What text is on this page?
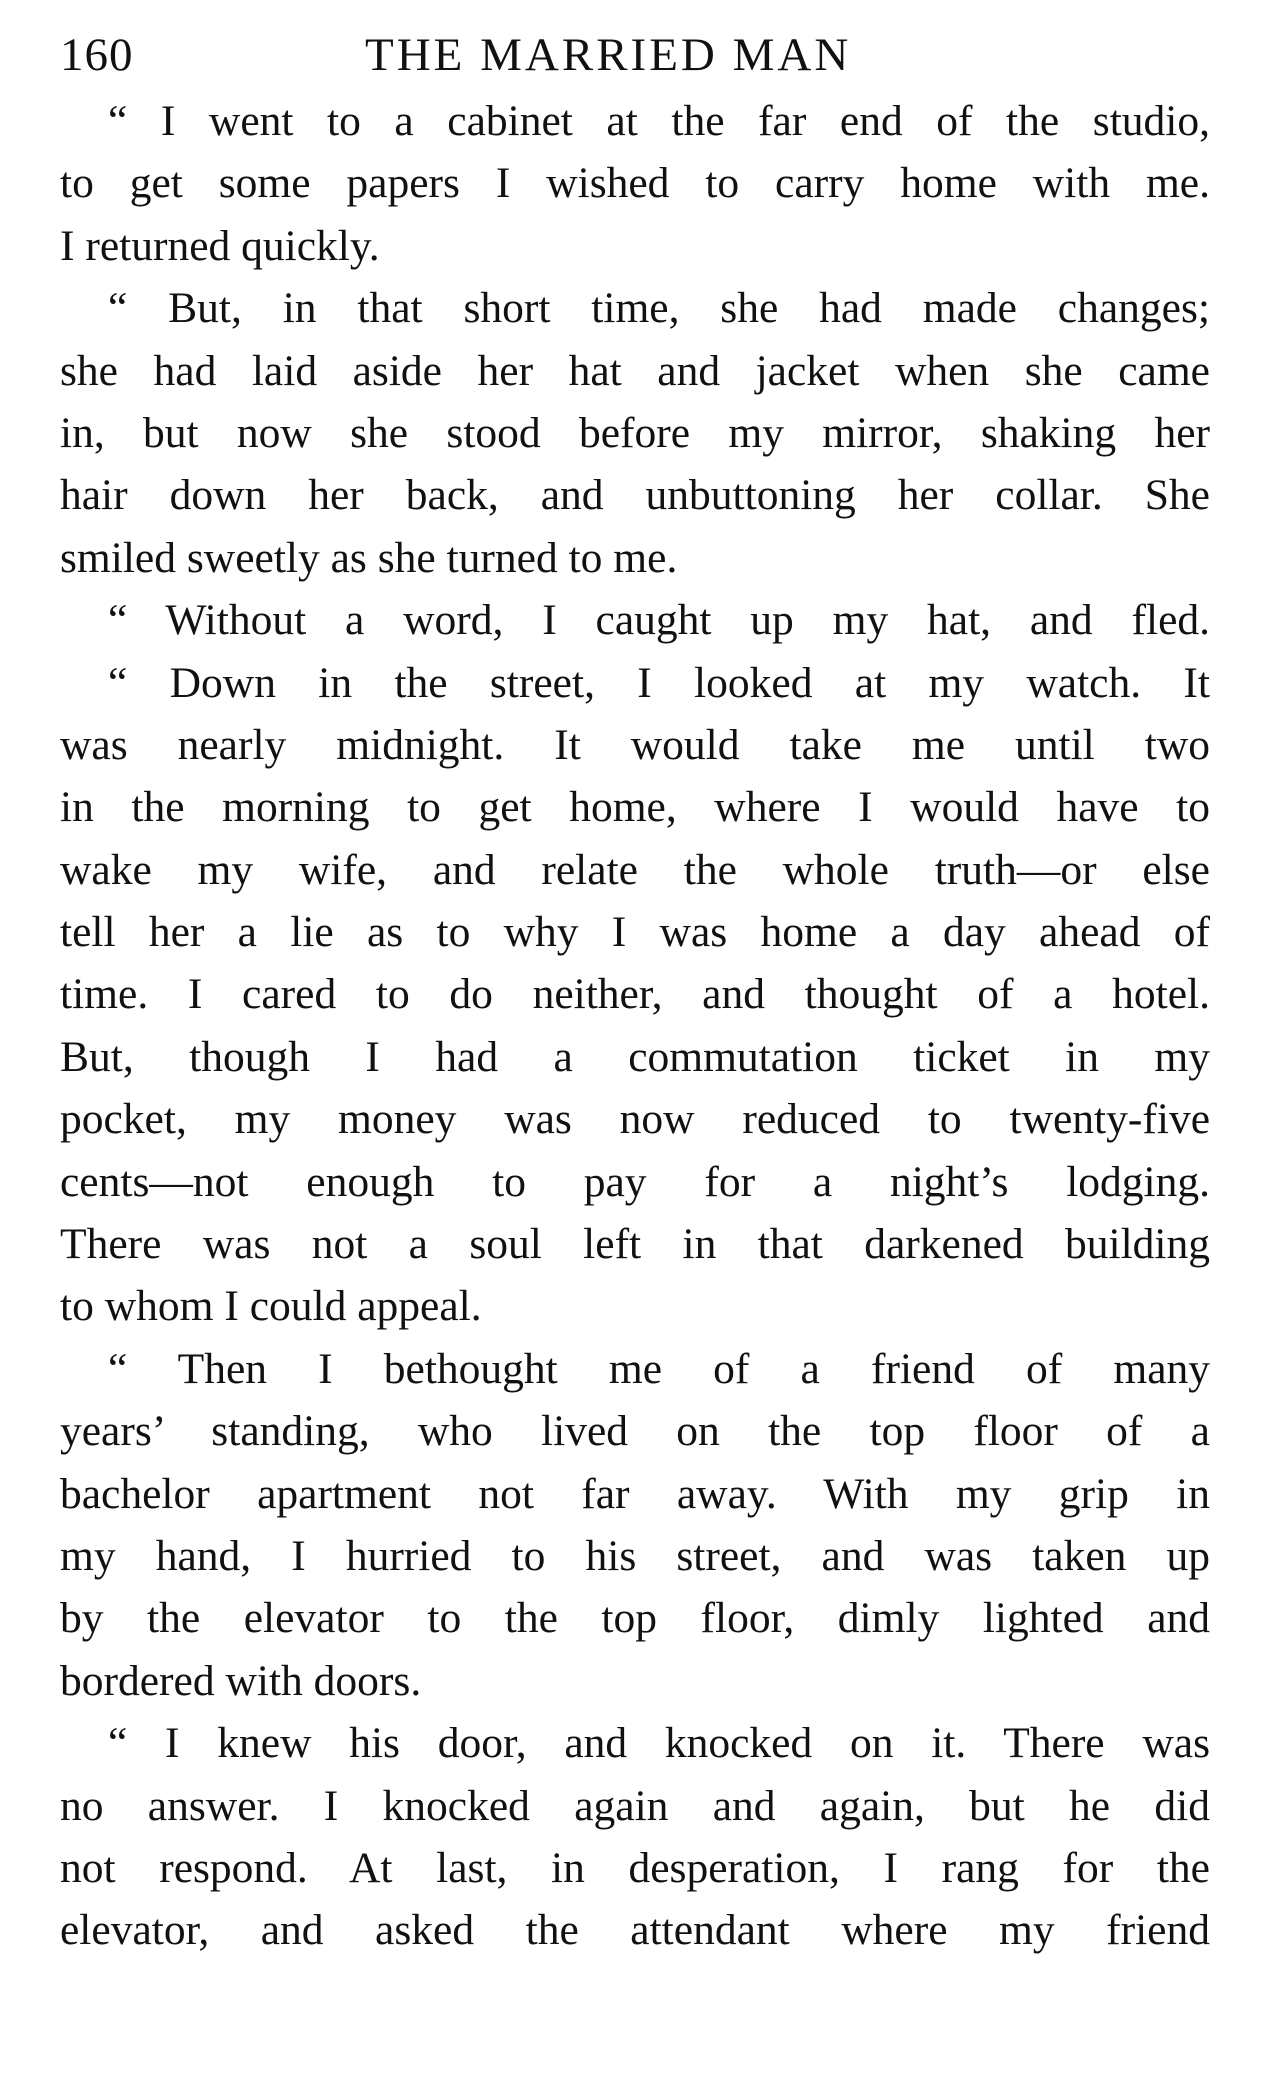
160	THE MARRIED MAN
“ I went to a cabinet at the far end of the studio,
to get some papers I wished to carry home with me.
I returned quickly.
“ But, in that short time, she had made changes;
she had laid aside her hat and jacket when she came
in, but now she stood before my mirror, shaking her
hair down her back, and unbuttoning her collar. She
smiled sweetly as she turned to me.
“ Without a word, I caught up my hat, and fled.
“ Down in the street, I looked at my watch. It
was nearly midnight. It would take me until two
in the morning to get home, where I would have to
wake my wife, and relate the whole truth—or else
tell her a lie as to why I was home a day ahead of
time. I cared to do neither, and thought of a hotel.
But, though I had a commutation ticket in my
pocket, my money was now reduced to twenty-five
cents—not enough to pay for a night’s lodging.
There was not a soul left in that darkened building
to whom I could appeal.
“ Then I bethought me of a friend of many
years’ standing, who lived on the top floor of a
bachelor apartment not far away. With my grip in
my hand, I hurried to his street, and was taken up
by the elevator to the top floor, dimly lighted and
bordered with doors.
“ I knew his door, and knocked on it. There was
no answer. I knocked again and again, but he did
not respond. At last, in desperation, I rang for the
elevator, and asked the attendant where my friend
